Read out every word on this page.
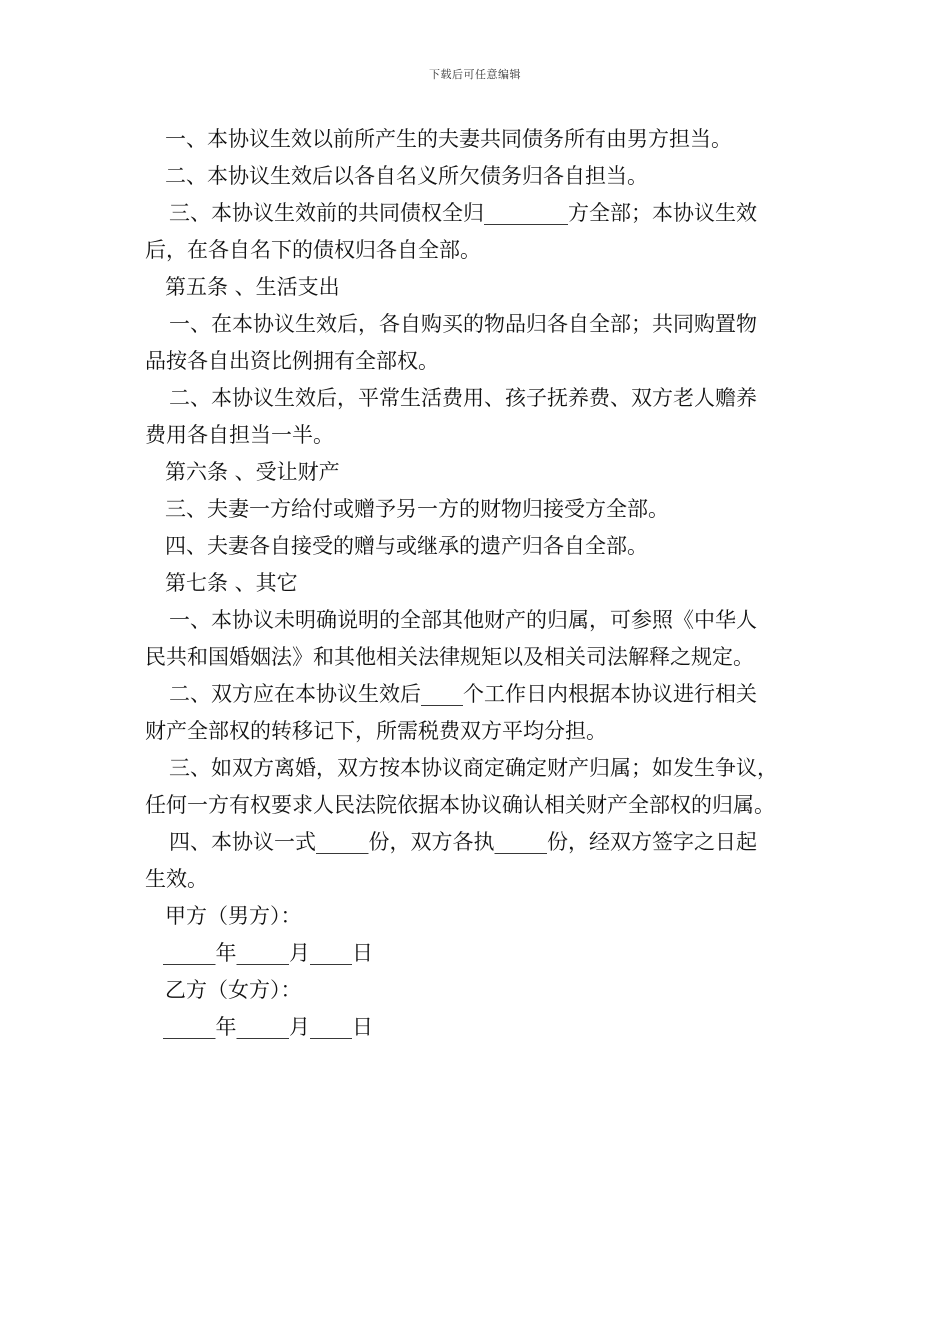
下载后可任意编辑

一、本协议生效以前所产生的夫妻共同债务所有由男方担当。

二、本协议生效后以各自名义所欠债务归各自担当。

三、本协议生效前的共同债权全归________方全部；本协议生效

后，在各自名下的债权归各自全部。

第五条 、生活支出

一、在本协议生效后，各自购买的物品归各自全部；共同购置物

品按各自出资比例拥有全部权。

二、本协议生效后，平常生活费用、孩子抚养费、双方老人赡养

费用各自担当一半。

第六条 、受让财产

三、夫妻一方给付或赠予另一方的财物归接受方全部。

四、夫妻各自接受的赠与或继承的遗产归各自全部。

第七条 、其它

一、本协议未明确说明的全部其他财产的归属，可参照《中华人

民共和国婚姻法》和其他相关法律规矩以及相关司法解释之规定。

二、双方应在本协议生效后____个工作日内根据本协议进行相关

财产全部权的转移记下，所需税费双方平均分担。

三、如双方离婚，双方按本协议商定确定财产归属；如发生争议，

任何一方有权要求人民法院依据本协议确认相关财产全部权的归属。

四、本协议一式_____份，双方各执_____份，经双方签字之日起

生效。

甲方（男方）：

_____年_____月____日

乙方（女方）：

_____年_____月____日
